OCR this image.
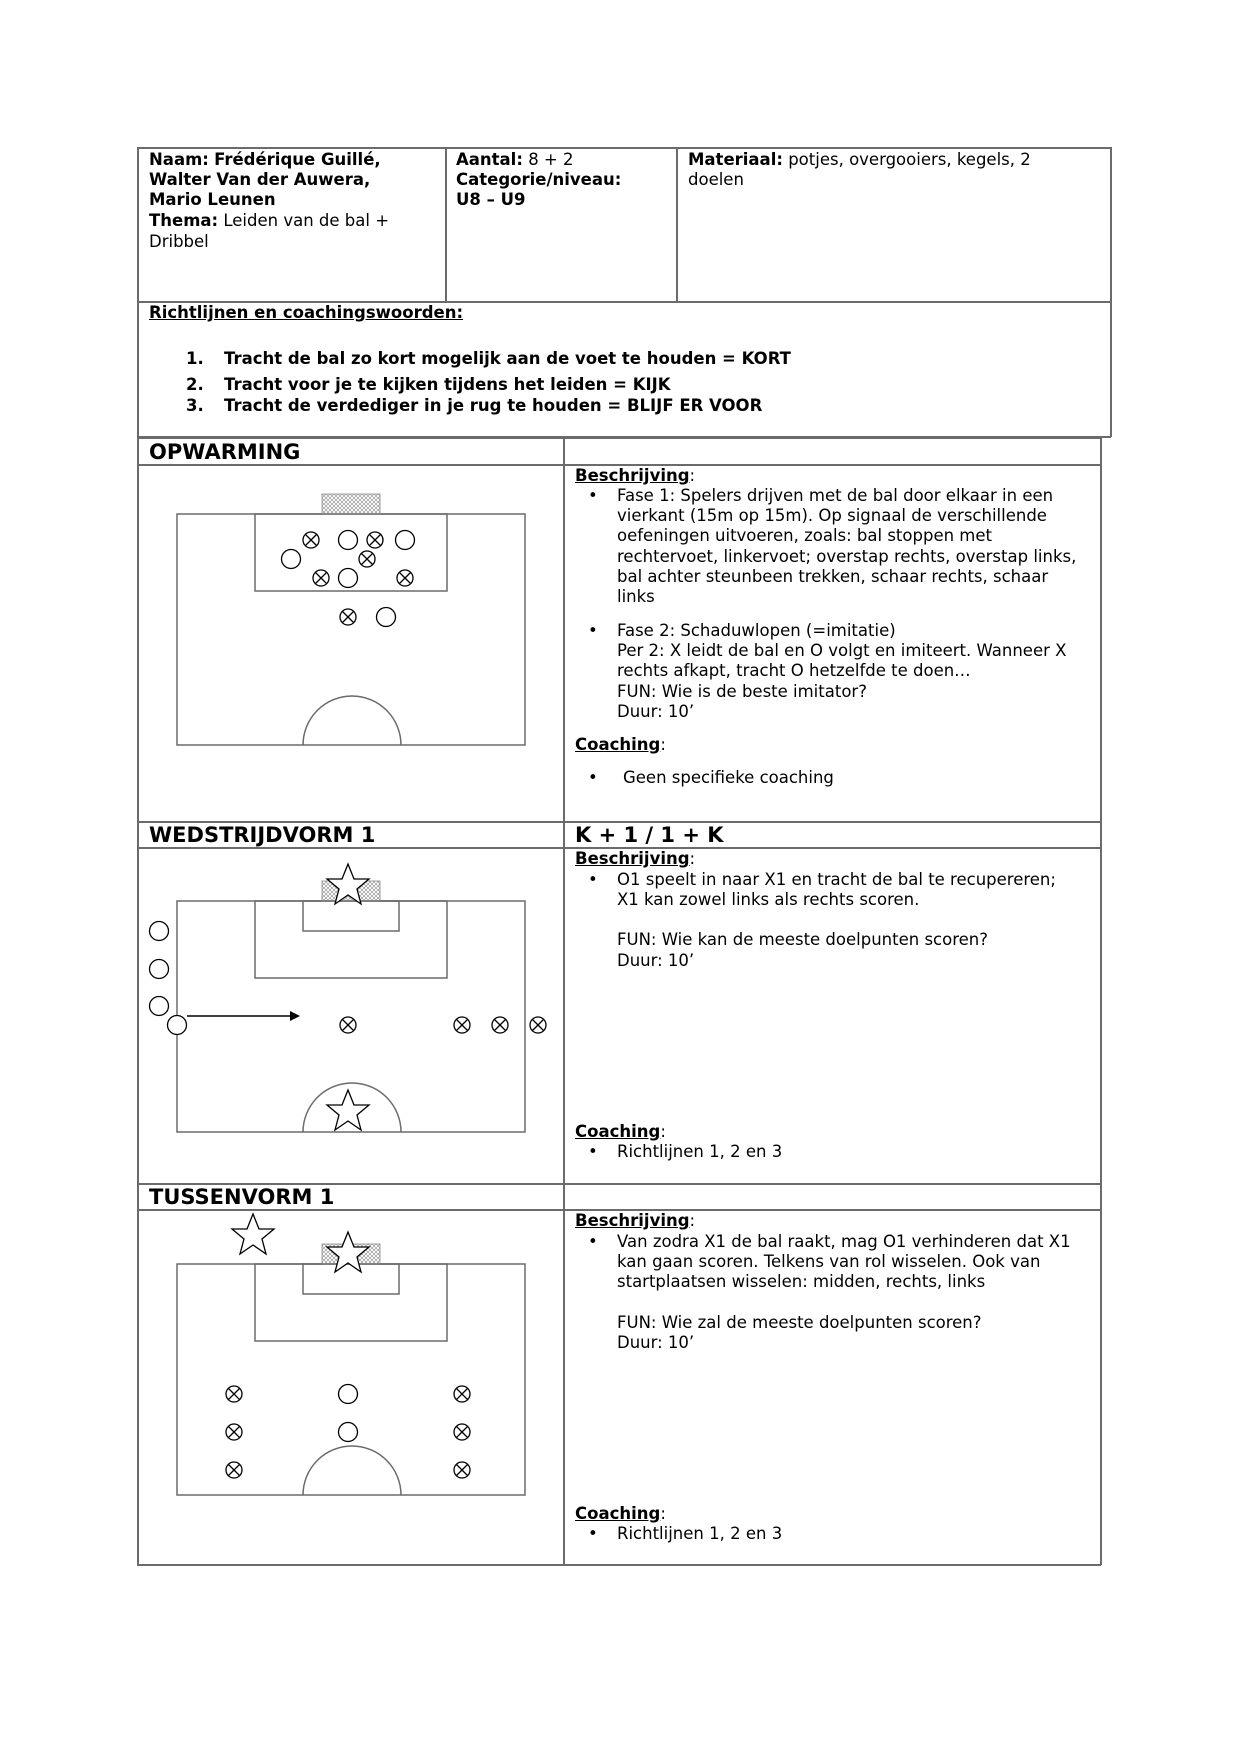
Naam: Frédérique Guillé,
Walter Van der Auwera,
Mario Leunen
Thema: Leiden van de bal +
Dribbel
Aantal: 8 + 2
Categorie/niveau:
U8 – U9
Materiaal: potjes, overgooiers, kegels, 2
doelen
Richtlijnen en coachingswoorden:
1. Tracht de bal zo kort mogelijk aan de voet te houden = KORT
2. Tracht voor je te kijken tijdens het leiden = KIJK
3. Tracht de verdediger in je rug te houden = BLIJF ER VOOR
OPWARMING
WEDSTRIJDVORM 1	K + 1 / 1 + K
TUSSENVORM 1
Beschrijving:
• Fase 1: Spelers drijven met de bal door elkaar in een
vierkant (15m op 15m). Op signaal de verschillende
oefeningen uitvoeren, zoals: bal stoppen met
rechtervoet, linkervoet; overstap rechts, overstap links,
bal achter steunbeen trekken, schaar rechts, schaar
links
• Fase 2: Schaduwlopen (=imitatie)
Per 2: X leidt de bal en O volgt en imiteert. Wanneer X
rechts afkapt, tracht O hetzelfde te doen…
FUN: Wie is de beste imitator?
Duur: 10’
Coaching:
• Geen specifieke coaching
Beschrijving:
• O1 speelt in naar X1 en tracht de bal te recupereren;
X1 kan zowel links als rechts scoren.
FUN: Wie kan de meeste doelpunten scoren?
Duur: 10’
Coaching:
• Richtlijnen 1, 2 en 3
Beschrijving:
• Van zodra X1 de bal raakt, mag O1 verhinderen dat X1
kan gaan scoren. Telkens van rol wisselen. Ook van
startplaatsen wisselen: midden, rechts, links
FUN: Wie zal de meeste doelpunten scoren?
Duur: 10’
Coaching:
• Richtlijnen 1, 2 en 3
